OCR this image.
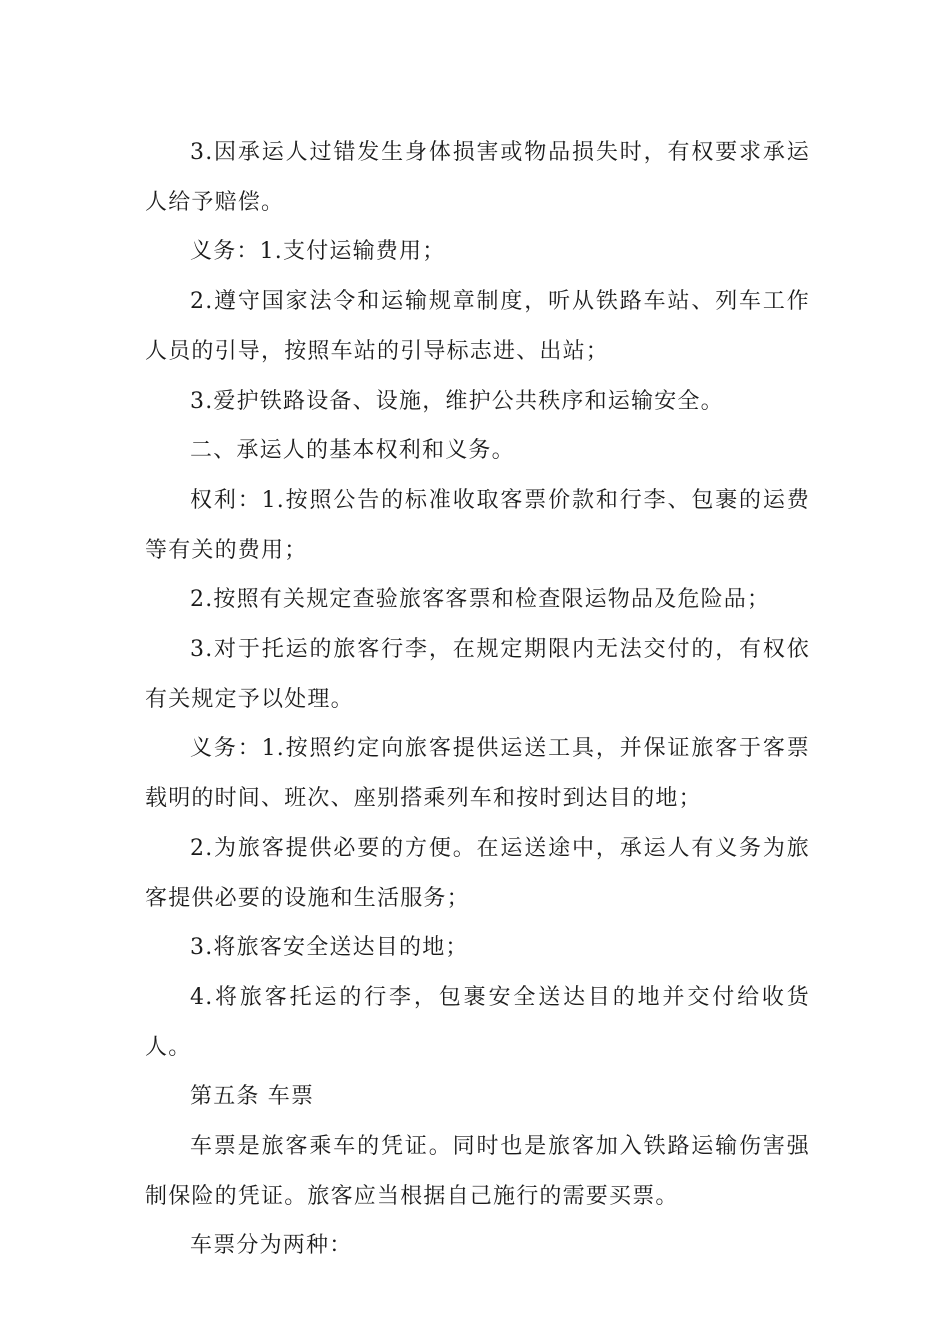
3.因承运人过错发生身体损害或物品损失时，有权要求承运人给予赔偿。

义务：1.支付运输费用；

2.遵守国家法令和运输规章制度，听从铁路车站、列车工作人员的引导，按照车站的引导标志进、出站；

3.爱护铁路设备、设施，维护公共秩序和运输安全。

二、承运人的基本权利和义务。

权利：1.按照公告的标准收取客票价款和行李、包裹的运费等有关的费用；

2.按照有关规定查验旅客客票和检查限运物品及危险品；

3.对于托运的旅客行李，在规定期限内无法交付的，有权依有关规定予以处理。

义务：1.按照约定向旅客提供运送工具，并保证旅客于客票载明的时间、班次、座别搭乘列车和按时到达目的地；

2.为旅客提供必要的方便。在运送途中，承运人有义务为旅客提供必要的设施和生活服务；

3.将旅客安全送达目的地；

4.将旅客托运的行李，包裹安全送达目的地并交付给收货人。

第五条 车票

车票是旅客乘车的凭证。同时也是旅客加入铁路运输伤害强制保险的凭证。旅客应当根据自己施行的需要买票。

车票分为两种：
